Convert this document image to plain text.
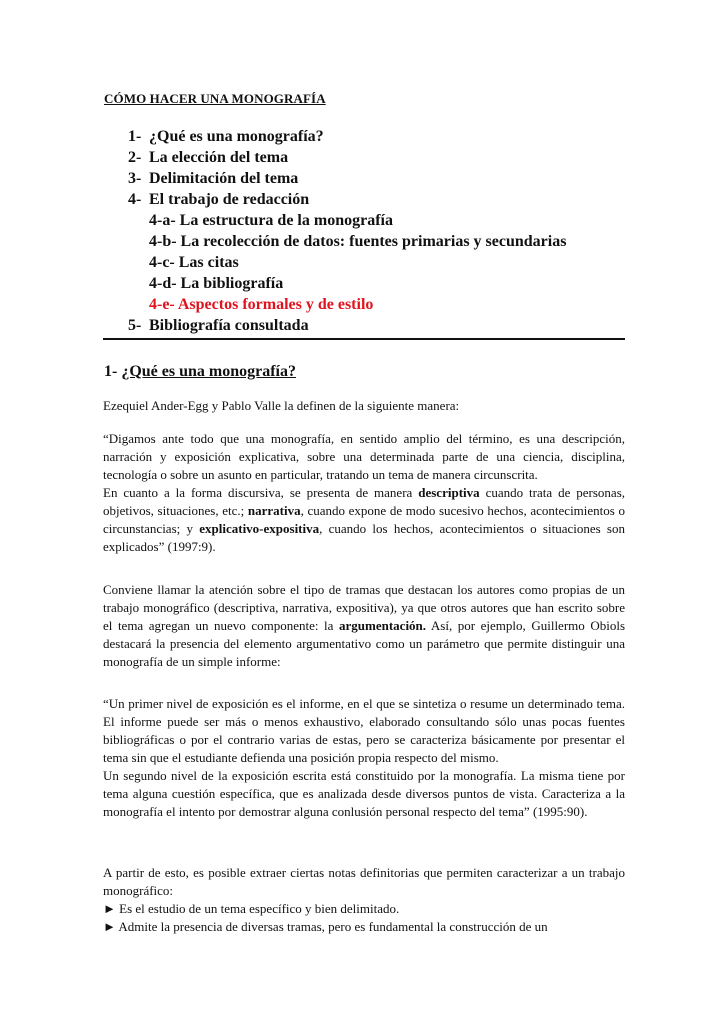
CÓMO HACER UNA MONOGRAFÍA
1- ¿Qué es una monografía?
2- La elección del tema
3- Delimitación del tema
4- El trabajo de redacción
4-a- La estructura de la monografía
4-b- La recolección de datos: fuentes primarias y secundarias
4-c- Las citas
4-d- La bibliografía
4-e- Aspectos formales y de estilo
5- Bibliografía consultada
1- ¿Qué es una monografía?

Ezequiel Ander-Egg y Pablo Valle la definen de la siguiente manera:

“Digamos ante todo que una monografía, en sentido amplio del término, es una descripción, narración y exposición explicativa, sobre una determinada parte de una ciencia, disciplina, tecnología o sobre un asunto en particular, tratando un tema de manera circunscrita.

En cuanto a la forma discursiva, se presenta de manera descriptiva cuando trata de personas, objetivos, situaciones, etc.; narrativa, cuando expone de modo sucesivo hechos, acontecimientos o circunstancias; y explicativo-expositiva, cuando los hechos, acontecimientos o situaciones son explicados” (1997:9).

Conviene llamar la atención sobre el tipo de tramas que destacan los autores como propias de un trabajo monográfico (descriptiva, narrativa, expositiva), ya que otros autores que han escrito sobre el tema agregan un nuevo componente: la argumentación. Así, por ejemplo, Guillermo Obiols destacará la presencia del elemento argumentativo como un parámetro que permite distinguir una monografía de un simple informe:

“Un primer nivel de exposición es el informe, en el que se sintetiza o resume un determinado tema. El informe puede ser más o menos exhaustivo, elaborado consultando sólo unas pocas fuentes bibliográficas o por el contrario varias de estas, pero se caracteriza básicamente por presentar el tema sin que el estudiante defienda una posición propia respecto del mismo.

Un segundo nivel de la exposición escrita está constituido por la monografía. La misma tiene por tema alguna cuestión específica, que es analizada desde diversos puntos de vista. Caracteriza a la monografía el intento por demostrar alguna conlusión personal respecto del tema” (1995:90).

A partir de esto, es posible extraer ciertas notas definitorias que permiten caracterizar a un trabajo monográfico:

► Es el estudio de un tema específico y bien delimitado.

► Admite la presencia de diversas tramas, pero es fundamental la construcción de un
